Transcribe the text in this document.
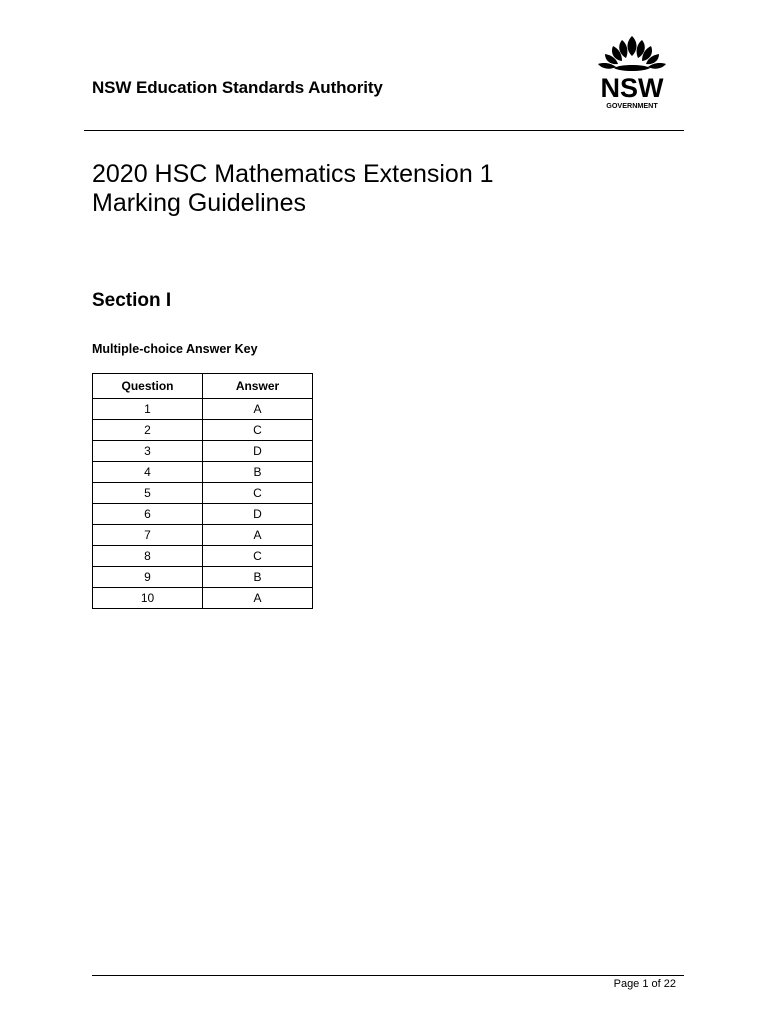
NSW Education Standards Authority	NSW
GOVERNMENT
2020 HSC Mathematics Extension 1
Marking Guidelines
Section I
Multiple-choice Answer Key
Question	Answer
1	A
2	C
3	D
4	B
5	C
6	D
7	A
8	C
9	B
10	A
Page 1 of 22
